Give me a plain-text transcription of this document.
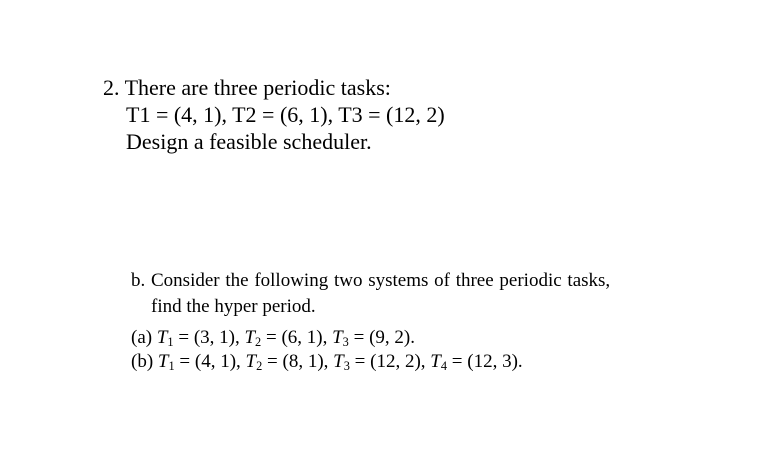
2. There are three periodic tasks:
T1 = (4, 1), T2 = (6, 1), T3 = (12, 2)
Design a feasible scheduler.
b. Consider the following two systems of three periodic tasks,
find the hyper period.
(a) $T_1 = (3$, 1), $T_2 = (6$, 1), $T_3 = (9$, 2).
(b) $T_1 = (4$, 1), $T_2 = (8$, 1), $T_3 = (12$, 2), $T_4 = (12$, 3).
